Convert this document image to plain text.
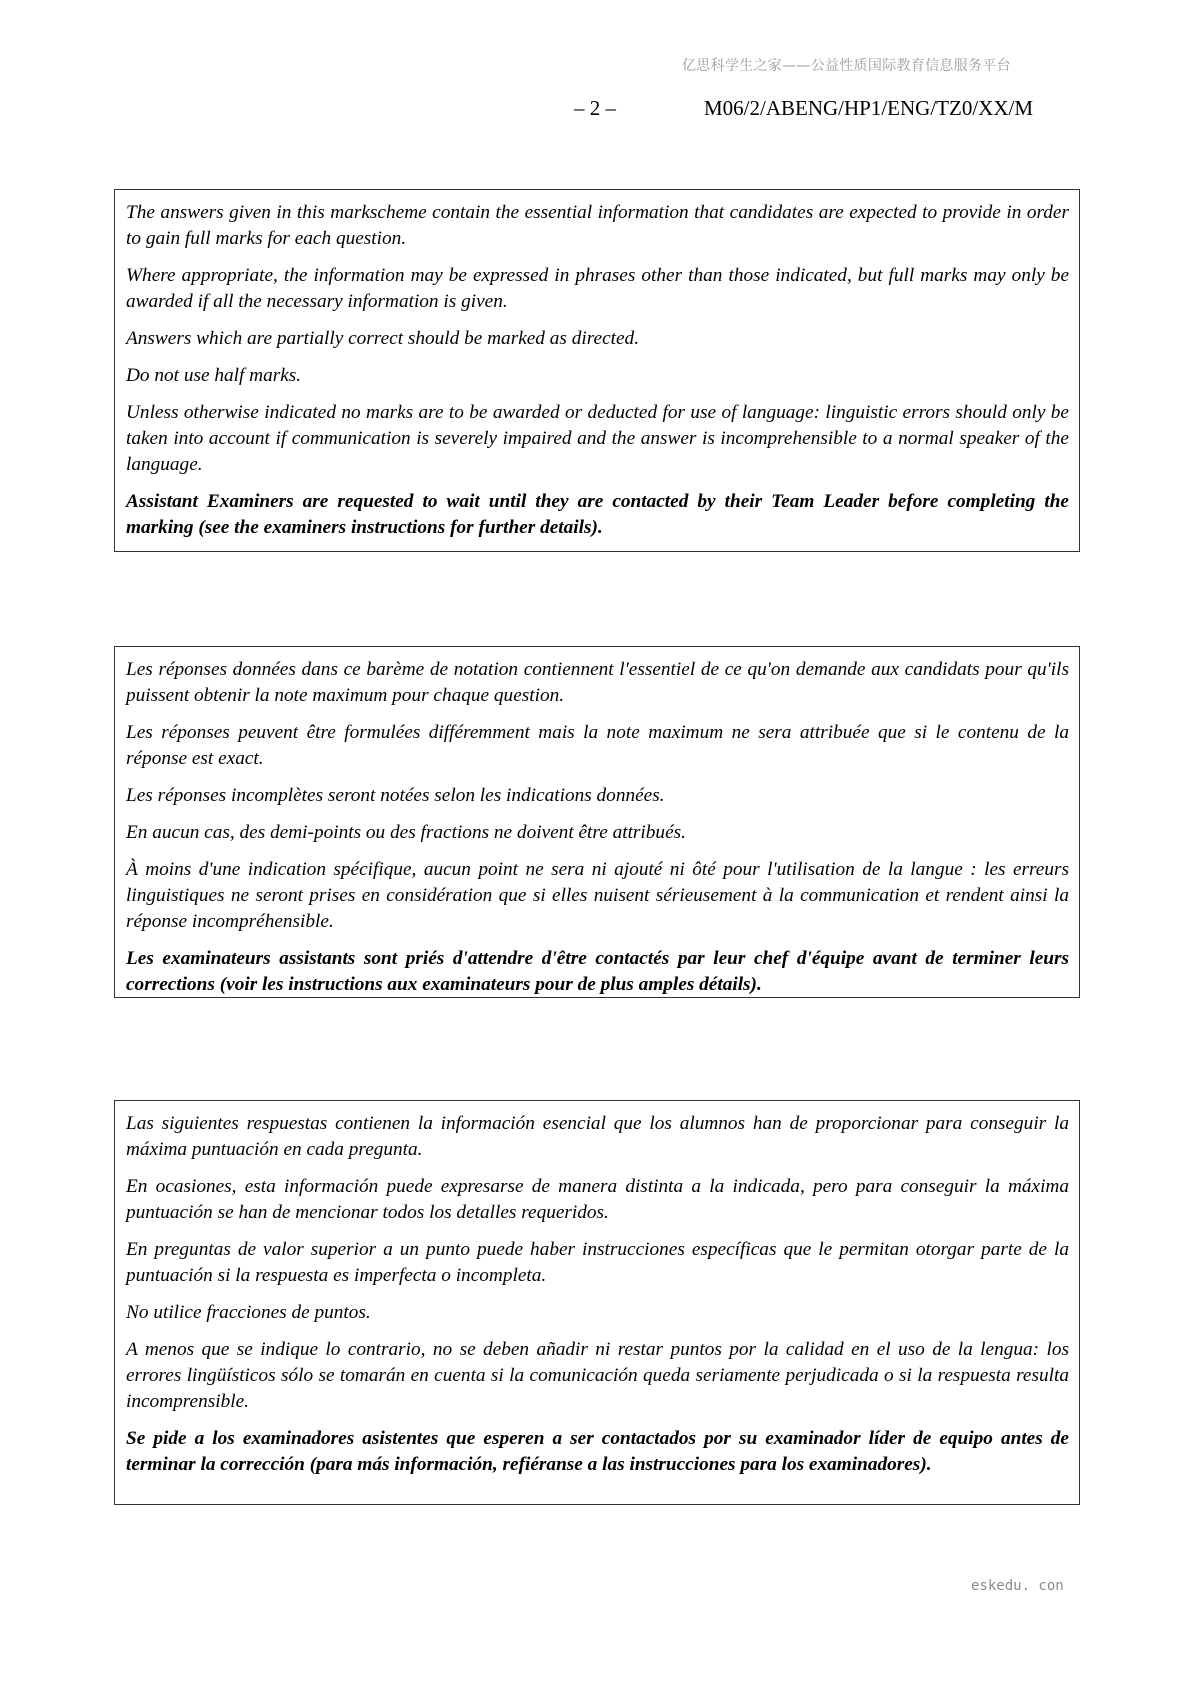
亿思科学生之家——公益性质国际教育信息服务平台
– 2 –	M06/2/ABENG/HP1/ENG/TZ0/XX/M

The answers given in this markscheme contain the essential information that candidates are expected to provide in order to gain full marks for each question.

Where appropriate, the information may be expressed in phrases other than those indicated, but full marks may only be awarded if all the necessary information is given.

Answers which are partially correct should be marked as directed.

Do not use half marks.

Unless otherwise indicated no marks are to be awarded or deducted for use of language: linguistic errors should only be taken into account if communication is severely impaired and the answer is incomprehensible to a normal speaker of the language.

Assistant Examiners are requested to wait until they are contacted by their Team Leader before completing the marking (see the examiners instructions for further details).

Les réponses données dans ce barème de notation contiennent l'essentiel de ce qu'on demande aux candidats pour qu'ils puissent obtenir la note maximum pour chaque question.

Les réponses peuvent être formulées différemment mais la note maximum ne sera attribuée que si le contenu de la réponse est exact.

Les réponses incomplètes seront notées selon les indications données.

En aucun cas, des demi-points ou des fractions ne doivent être attribués.

À moins d'une indication spécifique, aucun point ne sera ni ajouté ni ôté pour l'utilisation de la langue : les erreurs linguistiques ne seront prises en considération que si elles nuisent sérieusement à la communication et rendent ainsi la réponse incompréhensible.

Les examinateurs assistants sont priés d'attendre d'être contactés par leur chef d'équipe avant de terminer leurs corrections (voir les instructions aux examinateurs pour de plus amples détails).

Las siguientes respuestas contienen la información esencial que los alumnos han de proporcionar para conseguir la máxima puntuación en cada pregunta.

En ocasiones, esta información puede expresarse de manera distinta a la indicada, pero para conseguir la máxima puntuación se han de mencionar todos los detalles requeridos.

En preguntas de valor superior a un punto puede haber instrucciones específicas que le permitan otorgar parte de la puntuación si la respuesta es imperfecta o incompleta.

No utilice fracciones de puntos.

A menos que se indique lo contrario, no se deben añadir ni restar puntos por la calidad en el uso de la lengua: los errores lingüísticos sólo se tomarán en cuenta si la comunicación queda seriamente perjudicada o si la respuesta resulta incomprensible.

Se pide a los examinadores asistentes que esperen a ser contactados por su examinador líder de equipo antes de terminar la corrección (para más información, refiéranse a las instrucciones para los examinadores).

eskedu. con
